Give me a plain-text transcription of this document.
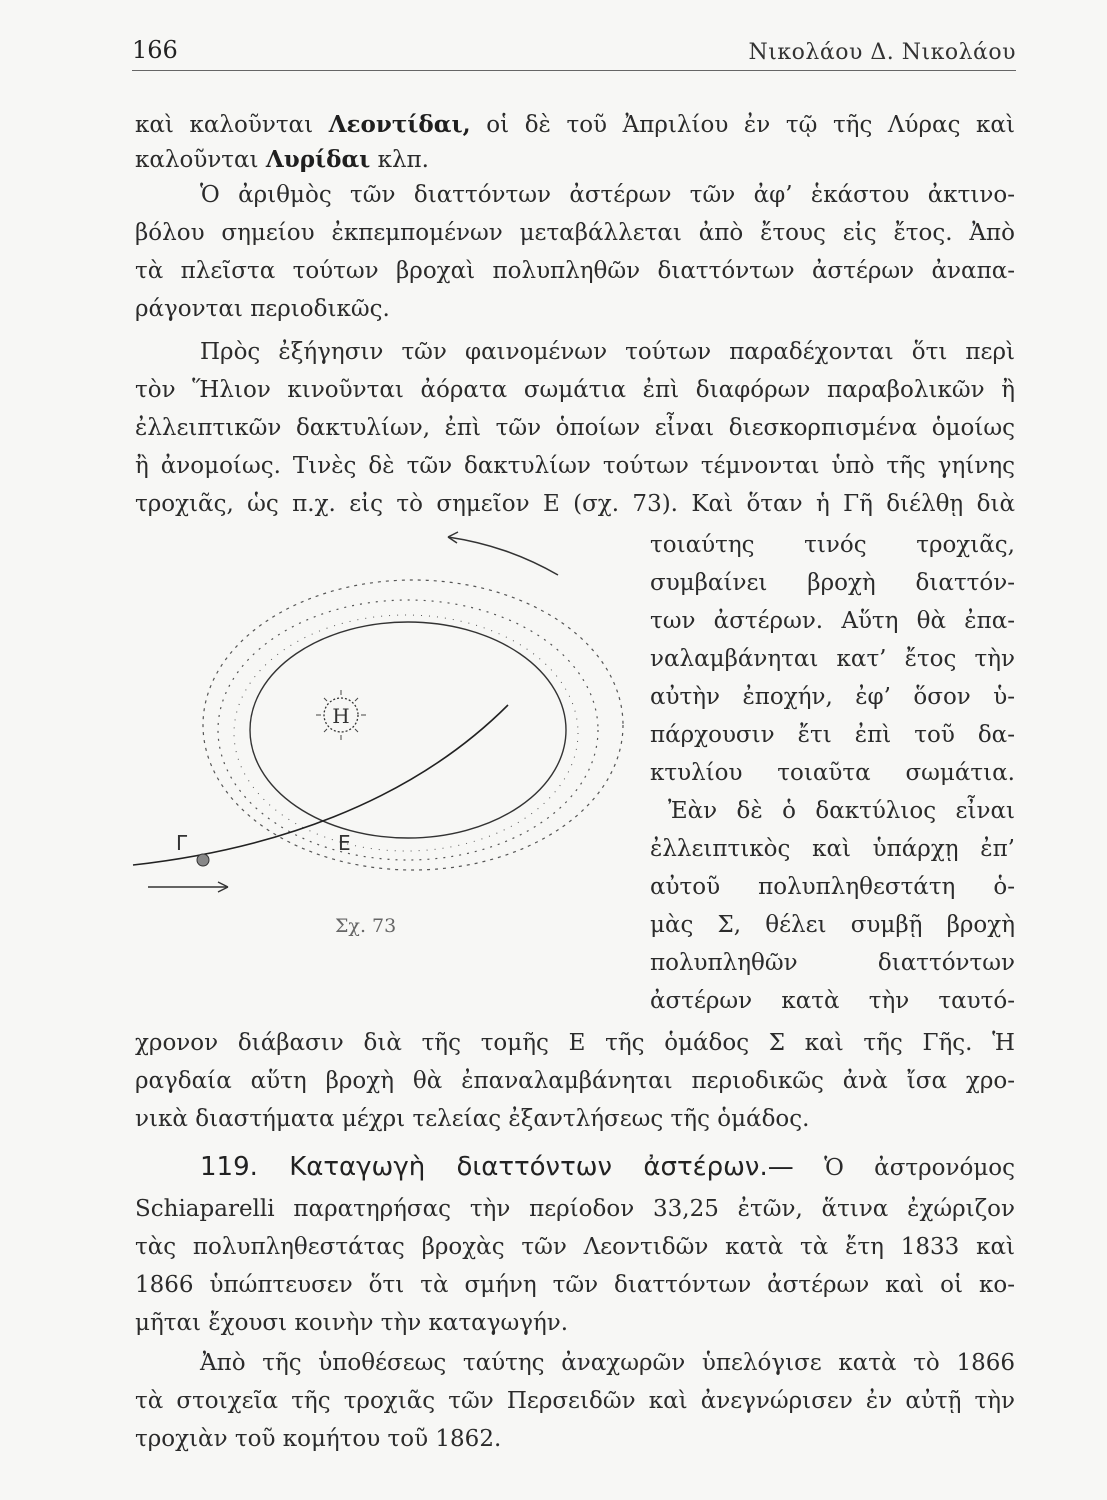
166	Νικολάου Δ. Νικολάου
καὶ καλοῦνται Λεοντίδαι, οἱ δὲ τοῦ Ἀπριλίου ἐν τῷ τῆς Λύρας καὶ
καλοῦνται Λυρίδαι κλπ.
Ὁ ἀριθμὸς τῶν διαττόντων ἀστέρων τῶν ἀφ’ ἑκάστου ἀκτινο-
βόλου σημείου ἐκπεμπομένων μεταβάλλεται ἀπὸ ἔτους εἰς ἔτος. Ἀπὸ
τὰ πλεῖστα τούτων βροχαὶ πολυπληθῶν διαττόντων ἀστέρων ἀναπα-
ράγονται περιοδικῶς.
Πρὸς ἐξήγησιν τῶν φαινομένων τούτων παραδέχονται ὅτι περὶ
τὸν Ἥλιον κινοῦνται ἀόρατα σωμάτια ἐπὶ διαφόρων παραβολικῶν ἢ
ἐλλειπτικῶν δακτυλίων, ἐπὶ τῶν ὁποίων εἶναι διεσκορπισμένα ὁμοίως
ἢ ἀνομοίως. Τινὲς δὲ τῶν δακτυλίων τούτων τέμνονται ὑπὸ τῆς γηίνης
τροχιᾶς, ὡς π.χ. εἰς τὸ σημεῖον Ε (σχ. 73). Καὶ ὅταν ἡ Γῆ διέλθῃ διὰ
τοιαύτης τινός τροχιᾶς,
συμβαίνει βροχὴ διαττόν-
των ἀστέρων. Αὕτη θὰ ἐπα-
ναλαμβάνηται κατ’ ἔτος τὴν
αὐτὴν ἐποχήν, ἐφ’ ὅσον ὑ-
πάρχουσιν ἔτι ἐπὶ τοῦ δα-
κτυλίου τοιαῦτα σωμάτια.
Ἐὰν δὲ ὁ δακτύλιος εἶναι
ἐλλειπτικὸς καὶ ὑπάρχῃ ἐπ’
αὐτοῦ πολυπληθεστάτη ὁ-
μὰς Σ, θέλει συμβῇ βροχὴ
πολυπληθῶν διαττόντων
ἀστέρων κατὰ τὴν ταυτό-
Η
Γ	Ε
Σχ. 73
χρονον διάβασιν διὰ τῆς τομῆς Ε τῆς ὁμάδος Σ καὶ τῆς Γῆς. Ἡ
ραγδαία αὕτη βροχὴ θὰ ἐπαναλαμβάνηται περιοδικῶς ἀνὰ ἴσα χρο-
νικὰ διαστήματα μέχρι τελείας ἐξαντλήσεως τῆς ὁμάδος.
119. Καταγωγὴ διαττόντων ἀστέρων.— Ὁ ἀστρονόμος
Schiaparelli παρατηρήσας τὴν περίοδον 33,25 ἐτῶν, ἅτινα ἐχώριζον
τὰς πολυπληθεστάτας βροχὰς τῶν Λεοντιδῶν κατὰ τὰ ἔτη 1833 καὶ
1866 ὑπώπτευσεν ὅτι τὰ σμήνη τῶν διαττόντων ἀστέρων καὶ οἱ κο-
μῆται ἔχουσι κοινὴν τὴν καταγωγήν.
Ἀπὸ τῆς ὑποθέσεως ταύτης ἀναχωρῶν ὑπελόγισε κατὰ τὸ 1866
τὰ στοιχεῖα τῆς τροχιᾶς τῶν Περσειδῶν καὶ ἀνεγνώρισεν ἐν αὐτῇ τὴν
τροχιὰν τοῦ κομήτου τοῦ 1862.
